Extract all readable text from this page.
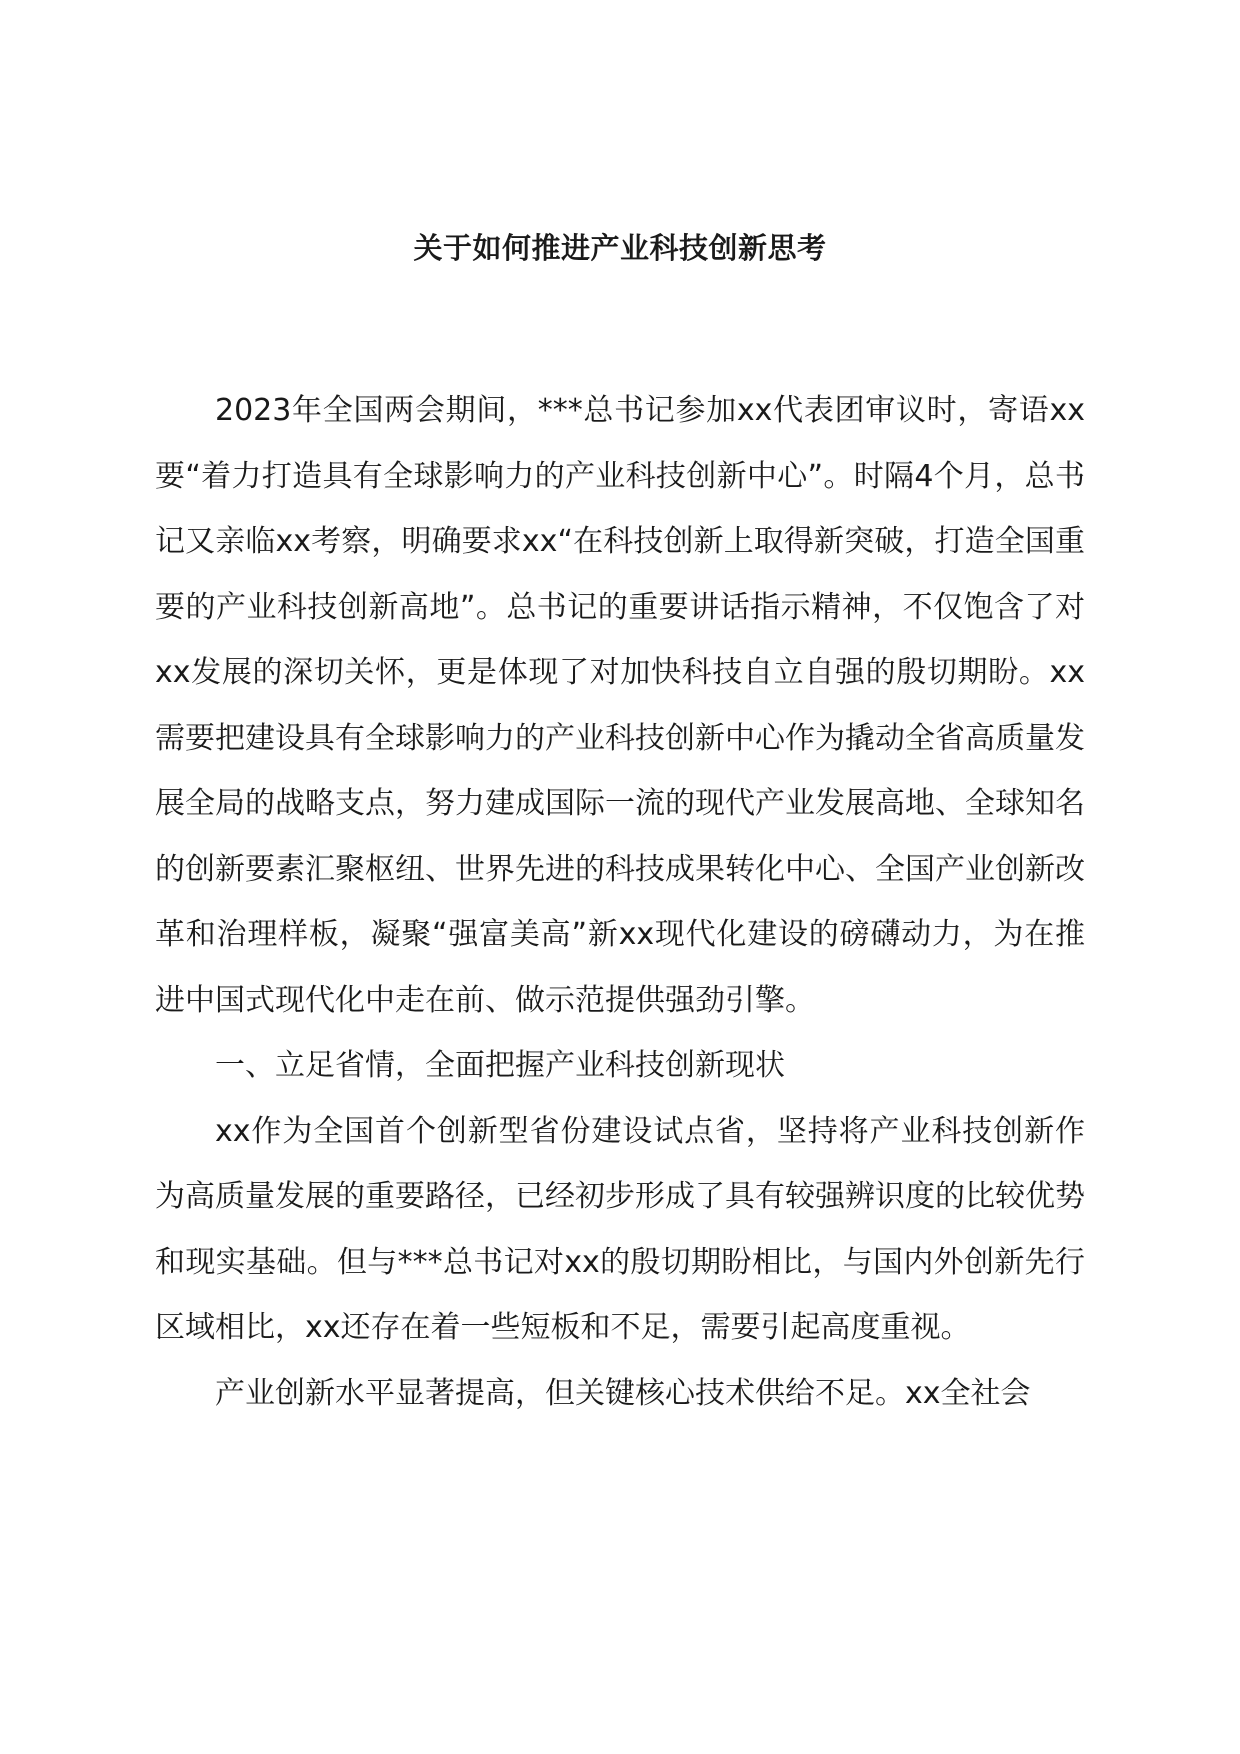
关于如何推进产业科技创新思考

2023年全国两会期间，***总书记参加xx代表团审议时，寄语xx要“着力打造具有全球影响力的产业科技创新中心”。时隔4个月，总书记又亲临xx考察，明确要求xx“在科技创新上取得新突破，打造全国重要的产业科技创新高地”。总书记的重要讲话指示精神，不仅饱含了对xx发展的深切关怀，更是体现了对加快科技自立自强的殷切期盼。xx需要把建设具有全球影响力的产业科技创新中心作为撬动全省高质量发展全局的战略支点，努力建成国际一流的现代产业发展高地、全球知名的创新要素汇聚枢纽、世界先进的科技成果转化中心、全国产业创新改革和治理样板，凝聚“强富美高”新xx现代化建设的磅礴动力，为在推进中国式现代化中走在前、做示范提供强劲引擎。

一、立足省情，全面把握产业科技创新现状

xx作为全国首个创新型省份建设试点省，坚持将产业科技创新作为高质量发展的重要路径，已经初步形成了具有较强辨识度的比较优势和现实基础。但与***总书记对xx的殷切期盼相比，与国内外创新先行区域相比，xx还存在着一些短板和不足，需要引起高度重视。

产业创新水平显著提高，但关键核心技术供给不足。xx全社会
